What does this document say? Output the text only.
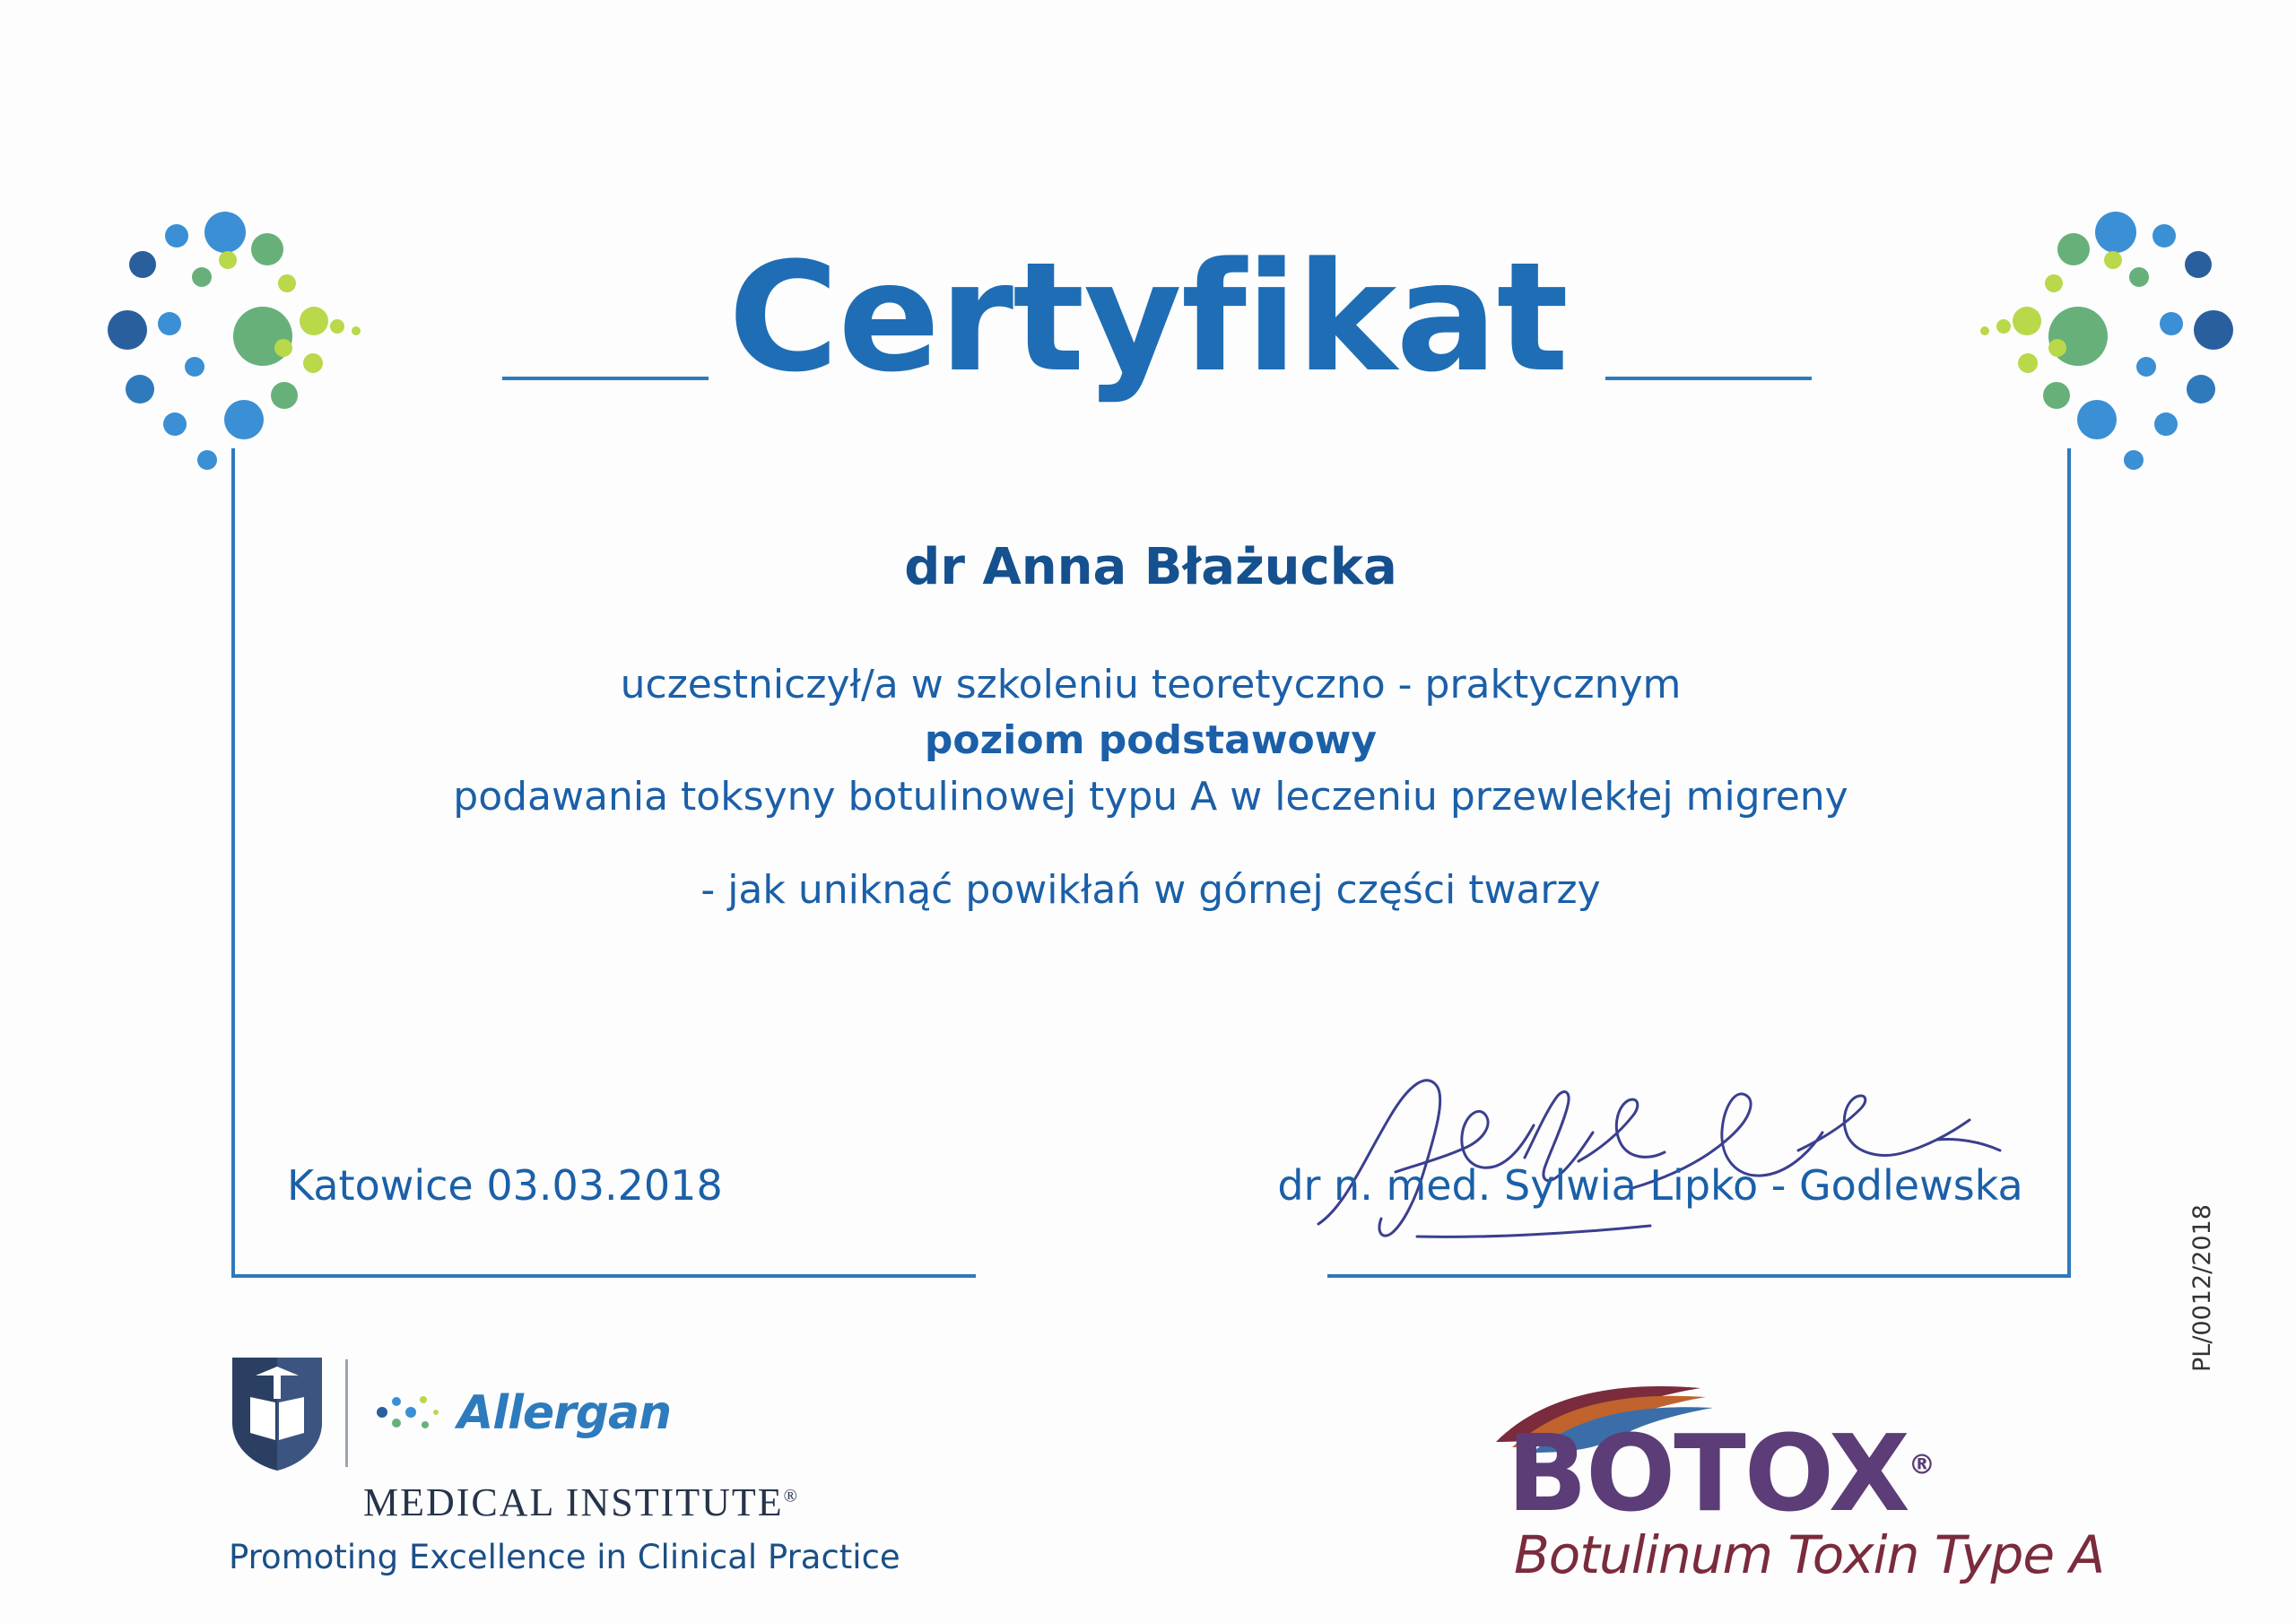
Certyfikat
dr Anna Błażucka
uczestniczył/a w szkoleniu teoretyczno - praktycznym
poziom podstawowy
podawania toksyny botulinowej typu A w leczeniu przewlekłej migreny
- jak uniknąć powikłań w górnej części twarzy
Katowice 03.03.2018	dr n. med. Sylwia Lipko - Godlewska
Allergan
MEDICAL INSTITUTE®
Promoting Excellence in Clinical Practice
BOTOX®
Botulinum Toxin Type A
PL/0012/2018
